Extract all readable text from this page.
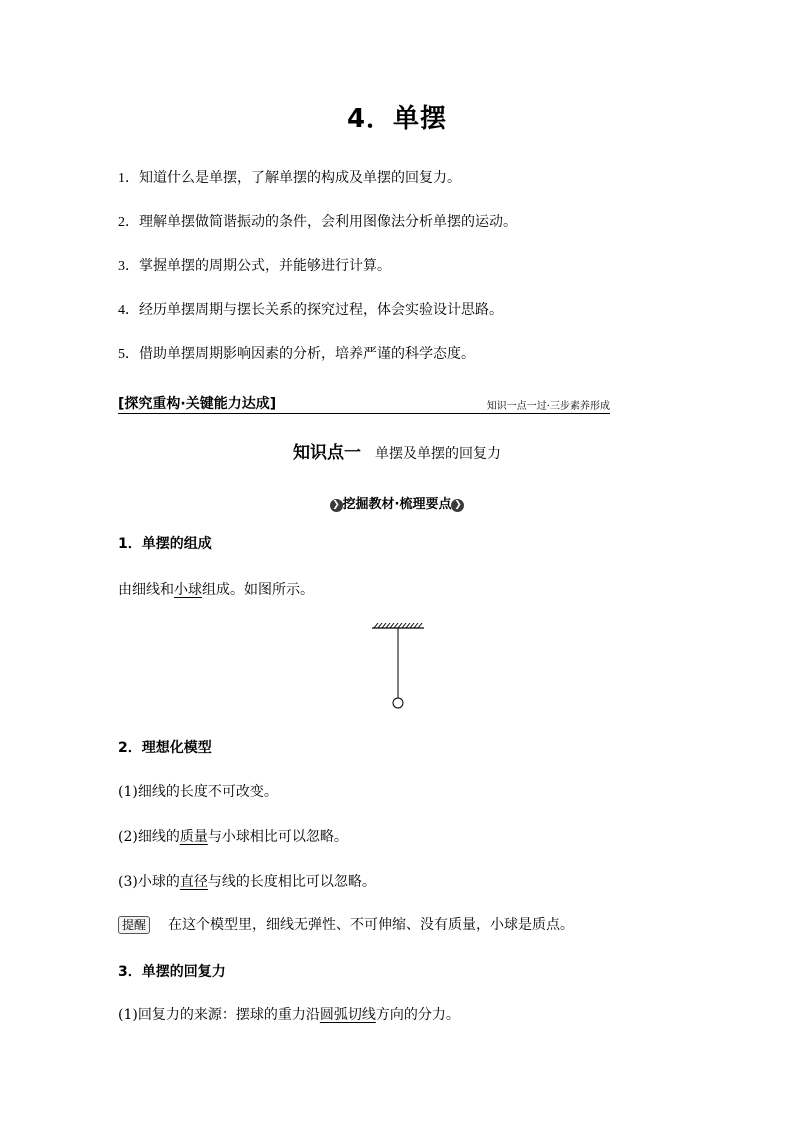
4．单摆
1．知道什么是单摆，了解单摆的构成及单摆的回复力。
2．理解单摆做简谐振动的条件，会利用图像法分析单摆的运动。
3．掌握单摆的周期公式，并能够进行计算。
4．经历单摆周期与摆长关系的探究过程，体会实验设计思路。
5．借助单摆周期影响因素的分析，培养严谨的科学态度。
[探究重构·关键能力达成]	知识一点一过·三步素养形成
知识点一 单摆及单摆的回复力
❯ 挖掘教材·梳理要点 ❯
1．单摆的组成
由细线和小球组成。如图所示。
2．理想化模型
(1)细线的长度不可改变。
(2)细线的质量与小球相比可以忽略。
(3)小球的直径与线的长度相比可以忽略。
提醒 在这个模型里，细线无弹性、不可伸缩、没有质量，小球是质点。
3．单摆的回复力
(1)回复力的来源：摆球的重力沿圆弧切线方向的分力。
